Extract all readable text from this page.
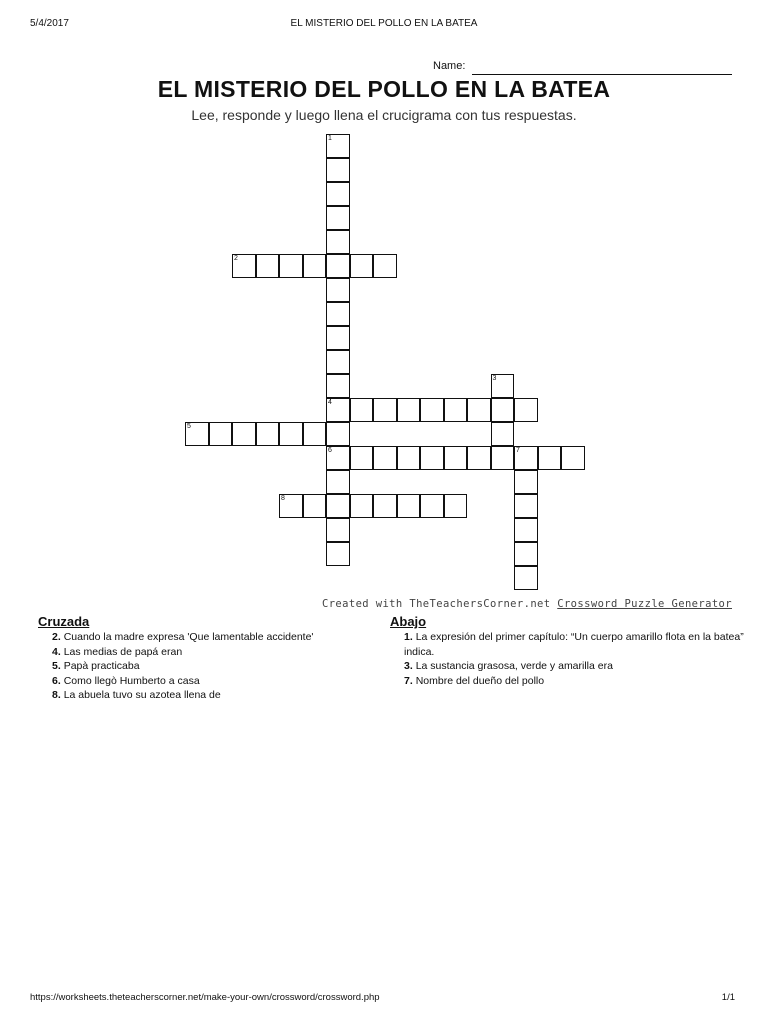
5/4/2017	EL MISTERIO DEL POLLO EN LA BATEA
Name:
EL MISTERIO DEL POLLO EN LA BATEA
Lee, responde y luego llena el crucigrama con tus respuestas.
1
4
6
2
3
5
7
8
Created with TheTeachersCorner.net Crossword Puzzle Generator
Cruzada	Abajo
2. Cuando la madre expresa 'Que lamentable accidente'
4. Las medias de papá eran
5. Papà practicaba
6. Como llegò Humberto a casa
8. La abuela tuvo su azotea llena de
1. La expresión del primer capítulo: “Un cuerpo amarillo flota en la batea” indica.
3. La sustancia grasosa, verde y amarilla era
7. Nombre del dueño del pollo
https://worksheets.theteacherscorner.net/make-your-own/crossword/crossword.php	1/1
